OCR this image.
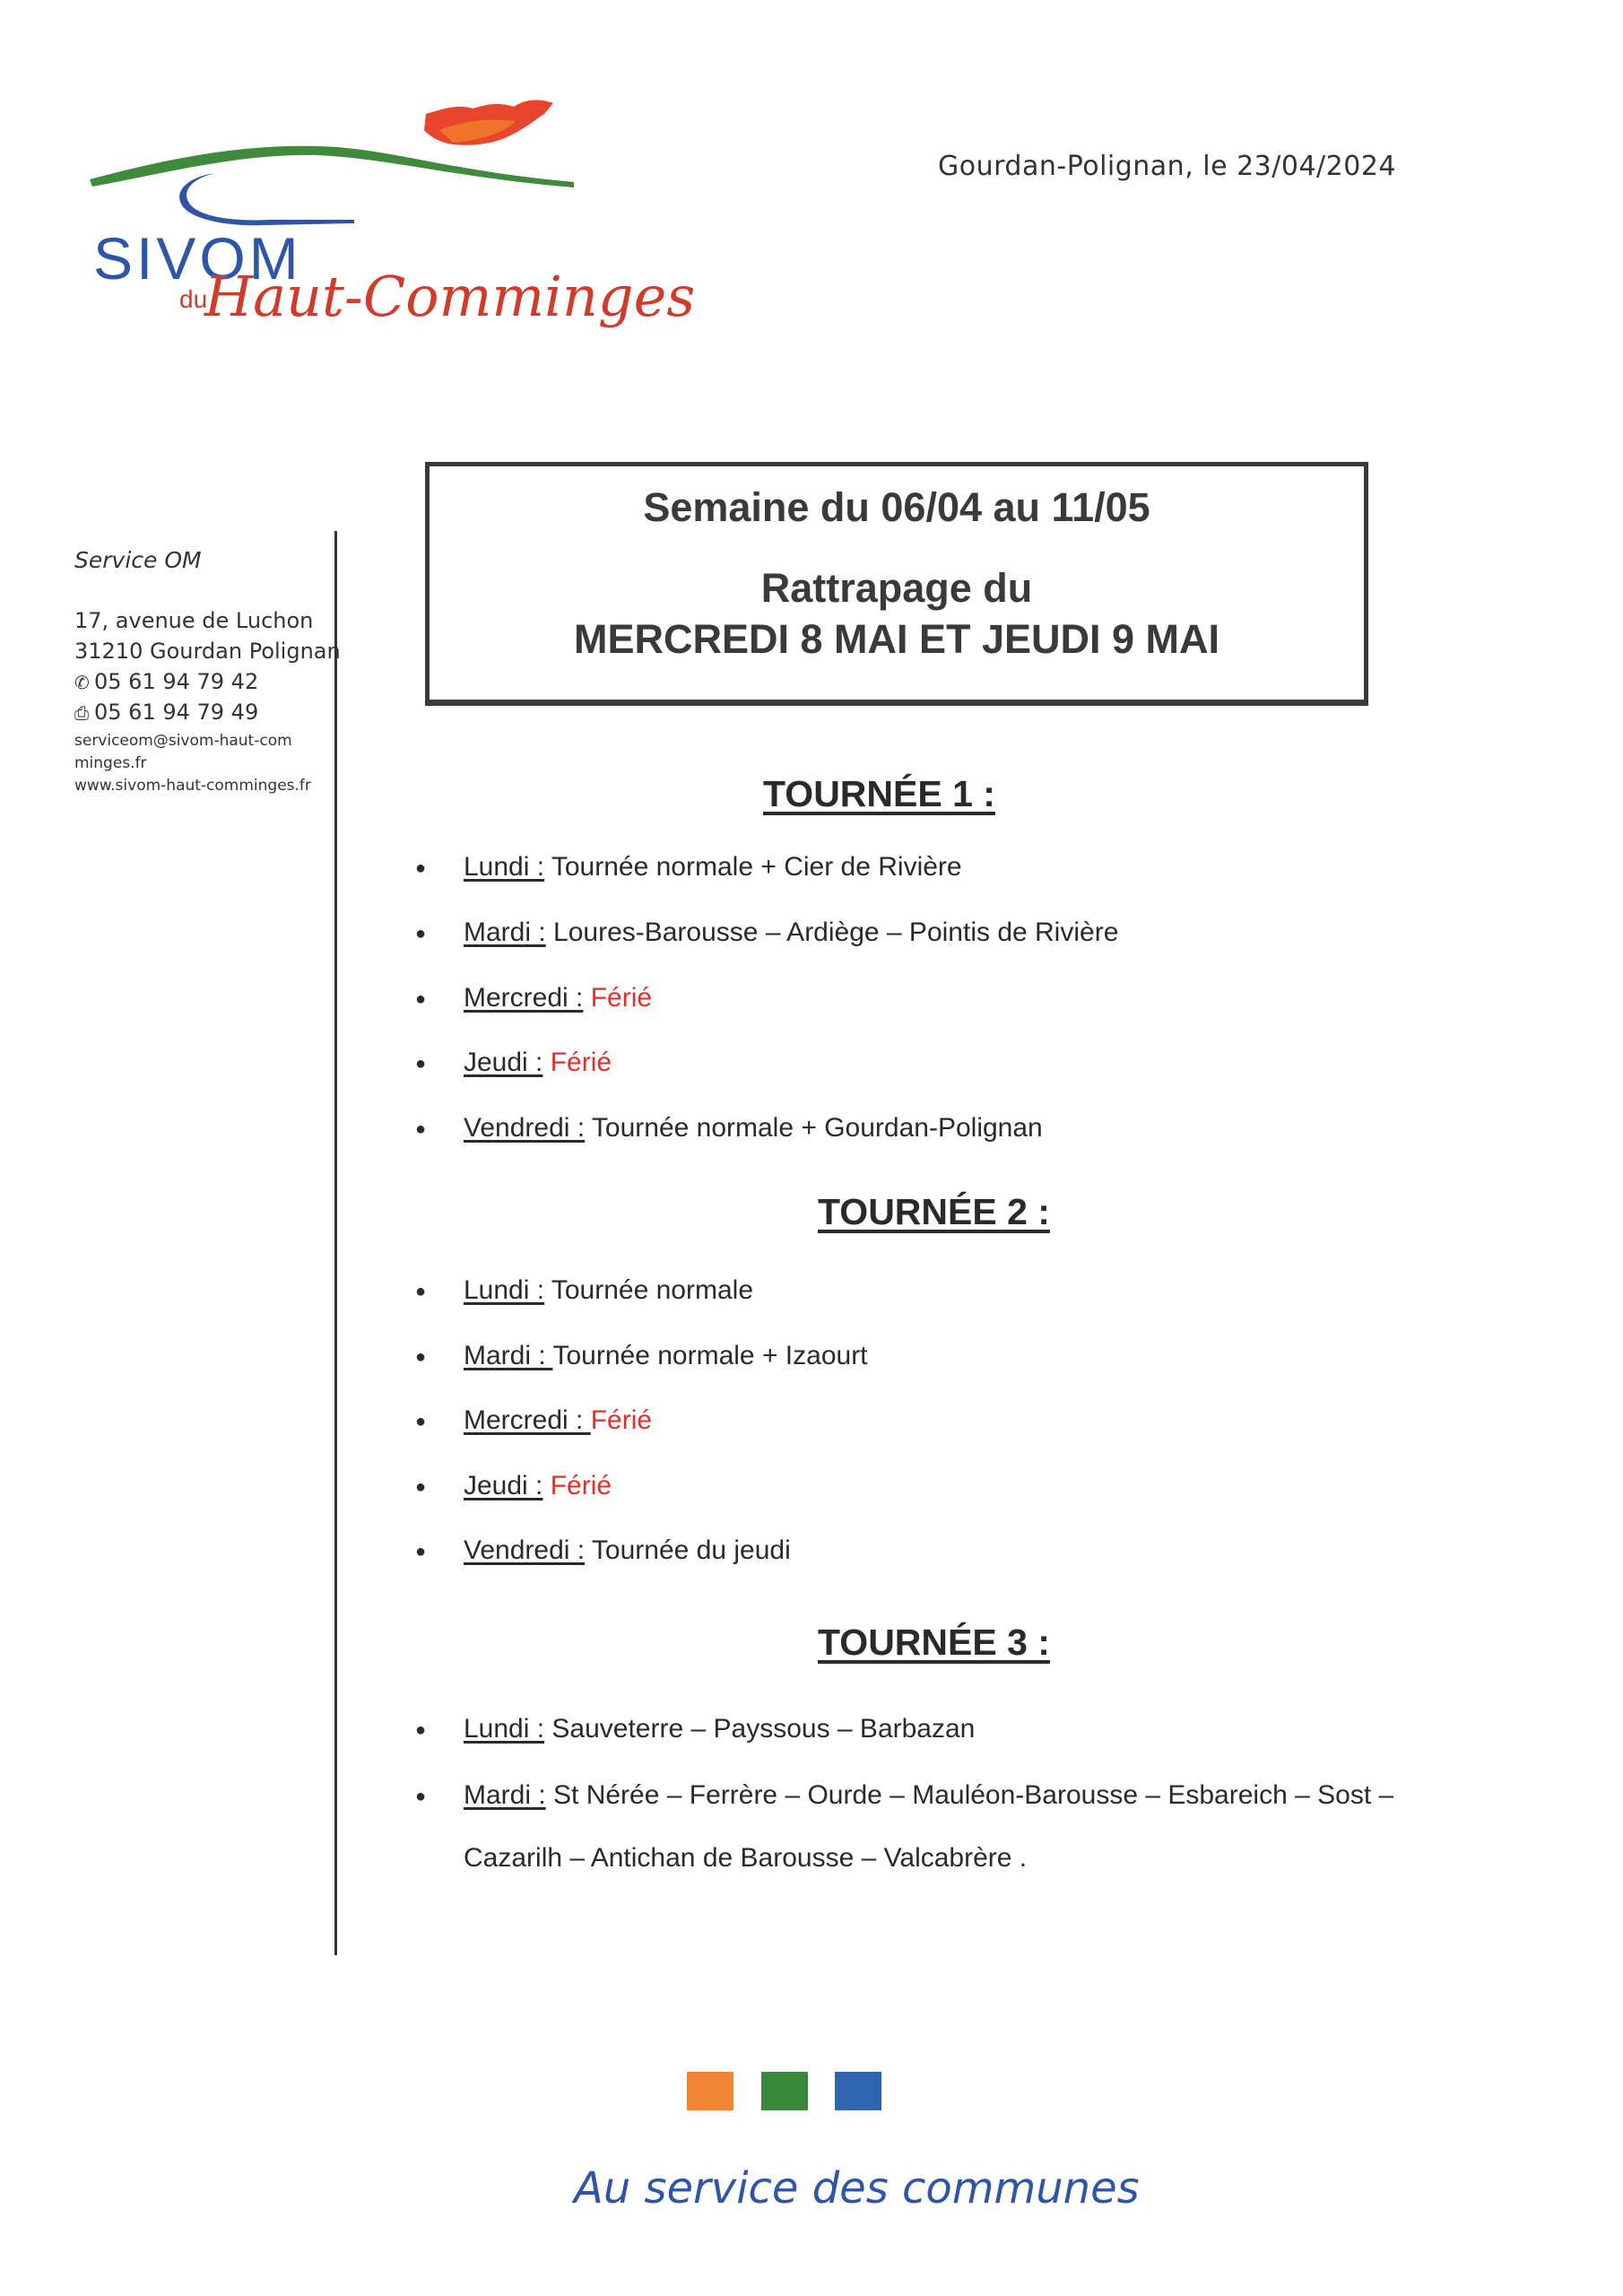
SIVOM
du
Haut-Comminges
Gourdan-Polignan, le 23/04/2024
Service OM
17, avenue de Luchon
31210 Gourdan Polignan
✆ 05 61 94 79 42
⎙ 05 61 94 79 49
serviceom@sivom-haut-comminges.fr
www.sivom-haut-comminges.fr
Semaine du 06/04 au 11/05
Rattrapage du
MERCREDI 8 MAI ET JEUDI 9 MAI
TOURNÉE 1 :
● Lundi : Tournée normale + Cier de Rivière
● Mardi : Loures-Barousse – Ardiège – Pointis de Rivière
● Mercredi : Férié
● Jeudi : Férié
● Vendredi : Tournée normale + Gourdan-Polignan
TOURNÉE 2 :
● Lundi : Tournée normale
● Mardi : Tournée normale + Izaourt
● Mercredi : Férié
● Jeudi : Férié
● Vendredi : Tournée du jeudi
TOURNÉE 3 :
● Lundi : Sauveterre – Payssous – Barbazan
● Mardi : St Nérée – Ferrère – Ourde – Mauléon-Barousse – Esbareich – Sost –
Cazarilh – Antichan de Barousse – Valcabrère .
Au service des communes
